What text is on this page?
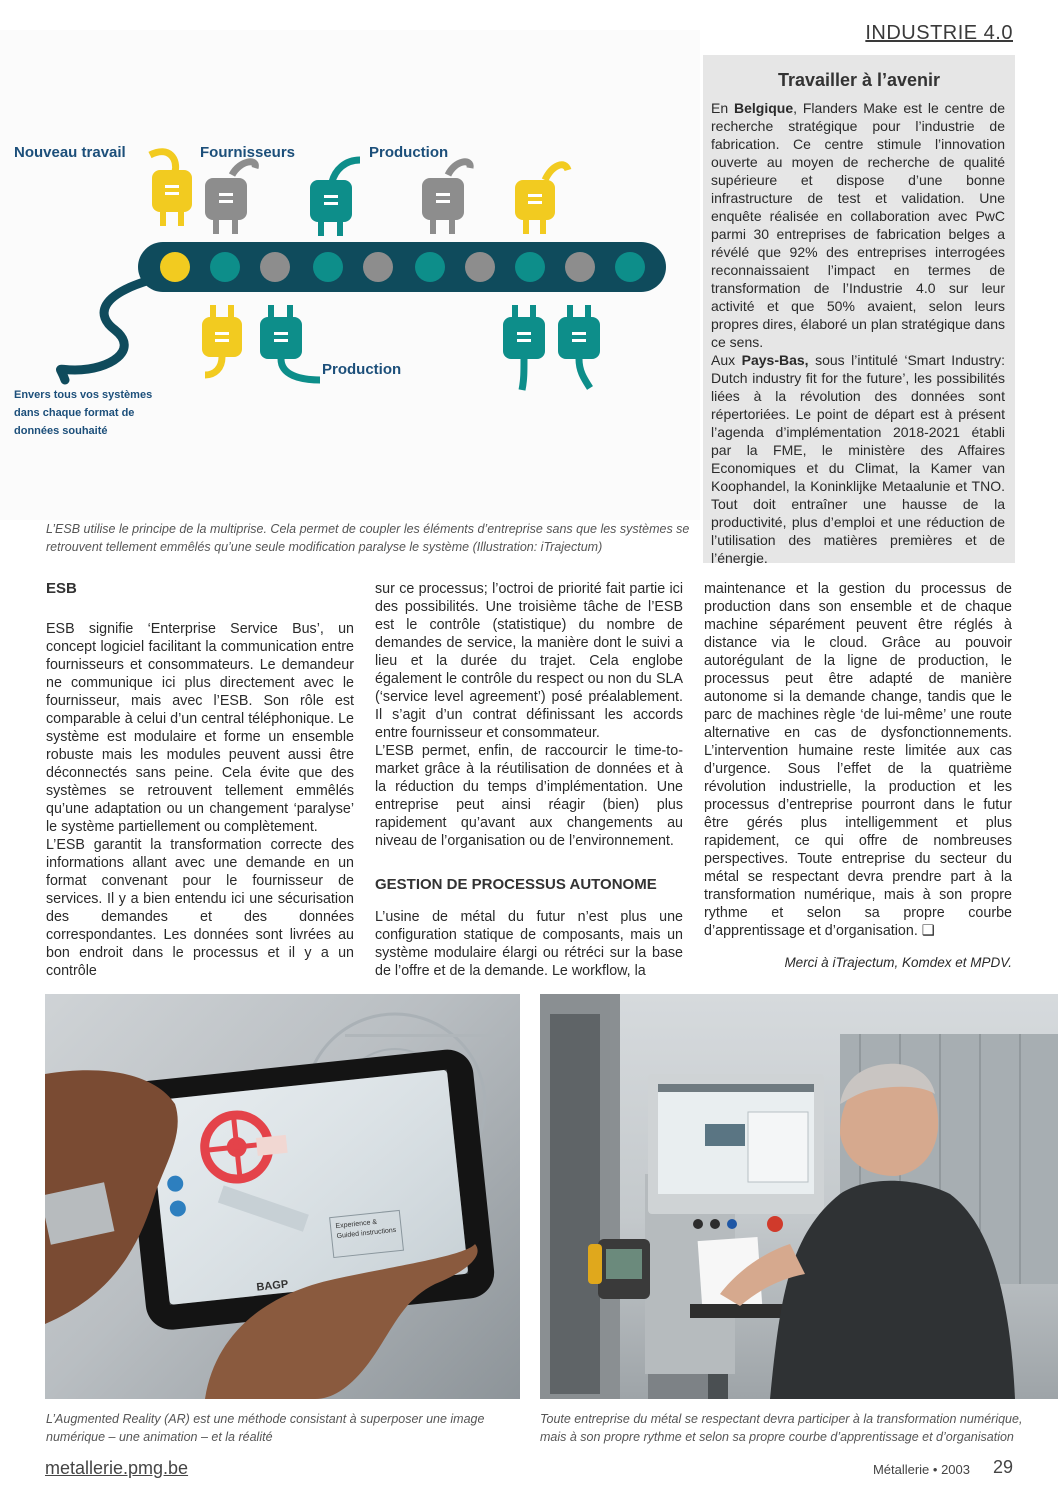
INDUSTRIE 4.0
Nouveau travail	Fournisseurs	Production
Production
Envers tous vos systèmes
dans chaque format de
données souhaité
L’ESB utilise le principe de la multiprise. Cela permet de coupler les éléments d’entreprise sans que les systèmes se
retrouvent tellement emmêlés qu’une seule modification paralyse le système (Illustration: iTrajectum)
Travailler à l’avenir

En Belgique, Flanders Make est le centre de recherche stratégique pour l’industrie de fabrication. Ce centre stimule l’innovation ouverte au moyen de recherche de qualité supérieure et dispose d’une bonne infrastructure de test et validation. Une enquête réalisée en collaboration avec PwC parmi 30 entreprises de fabrication belges a révélé que 92% des entreprises interrogées reconnaissaient l’impact en termes de transformation de l’Industrie 4.0 sur leur activité et que 50% avaient, selon leurs propres dires, élaboré un plan stratégique dans ce sens.

Aux Pays-Bas, sous l’intitulé ‘Smart Industry: Dutch industry fit for the future’, les possibilités liées à la révolution des données sont répertoriées. Le point de départ est à présent l’agenda d’implémentation 2018-2021 établi par la FME, le ministère des Affaires Economiques et du Climat, la Kamer van Koophandel, la Koninklijke Metaalunie et TNO. Tout doit entraîner une hausse de la productivité, plus d’emploi et une réduction de l’utilisation des matières premières et de l’énergie.

ESB

ESB signifie ‘Enterprise Service Bus’, un concept logiciel facilitant la communication entre fournisseurs et consommateurs. Le demandeur ne communique ici plus directement avec le fournisseur, mais avec l’ESB. Son rôle est comparable à celui d’un central téléphonique. Le système est modulaire et forme un ensemble robuste mais les modules peuvent aussi être déconnectés sans peine. Cela évite que des systèmes se retrouvent tellement emmêlés qu’une adaptation ou un changement ‘paralyse’ le système partiellement ou complètement.

L’ESB garantit la transformation correcte des informations allant avec une demande en un format convenant pour le fournisseur de services. Il y a bien entendu ici une sécurisation des demandes et des données correspondantes. Les données sont livrées au bon endroit dans le processus et il y a un contrôle

sur ce processus; l’octroi de priorité fait partie ici des possibilités. Une troisième tâche de l’ESB est le contrôle (statistique) du nombre de demandes de service, la manière dont le suivi a lieu et la durée du trajet. Cela englobe également le contrôle du respect ou non du SLA (‘service level agreement’) posé préalablement. Il s’agit d’un contrat définissant les accords entre fournisseur et consommateur.

L’ESB permet, enfin, de raccourcir le time-to-market grâce à la réutilisation de données et à la réduction du temps d’implémentation. Une entreprise peut ainsi réagir (bien) plus rapidement qu’avant aux changements au niveau de l’organisation ou de l’environnement.

GESTION DE PROCESSUS AUTONOME

L’usine de métal du futur n’est plus une configuration statique de composants, mais un système modulaire élargi ou rétréci sur la base de l’offre et de la demande. Le workflow, la

maintenance et la gestion du processus de production dans son ensemble et de chaque machine séparément peuvent être réglés à distance via le cloud. Grâce au pouvoir autorégulant de la ligne de production, le processus peut être adapté de manière autonome si la demande change, tandis que le parc de machines règle ‘de lui-même’ une route alternative en cas de dysfonctionnements. L’intervention humaine reste limitée aux cas d’urgence. Sous l’effet de la quatrième révolution industrielle, la production et les processus d’entreprise pourront dans le futur être gérés plus intelligemment et plus rapidement, ce qui offre de nombreuses perspectives. Toute entreprise du secteur du métal se respectant devra prendre part à la transformation numérique, mais à son propre rythme et selon sa propre courbe d’apprentissage et d’organisation. ❑

Merci à iTrajectum, Komdex et MPDV.
Experience &
Guided instructions
BAGP
L’Augmented Reality (AR) est une méthode consistant à superposer une image
numérique – une animation – et la réalité
Toute entreprise du métal se respectant devra participer à la transformation numérique,
mais à son propre rythme et selon sa propre courbe d’apprentissage et d’organisation
metallerie.pmg.be	Métallerie • 2003 29
